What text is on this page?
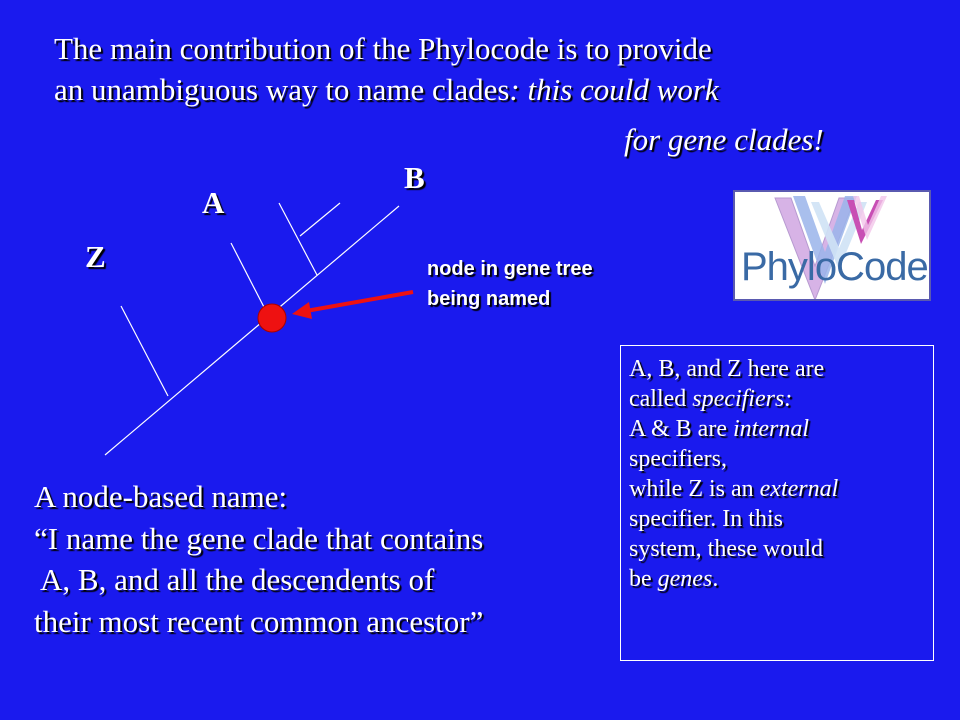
The main contribution of the Phylocode is to provide
an unambiguous way to name clades: this could work
for gene clades!
B
A
Z	node in gene tree
being named
PhyloCode

A, B, and Z here are

called specifiers:

A & B are internal

specifiers,

while Z is an external

specifier. In this

system, these would

be genes.

A node-based name:
“I name the gene clade that contains
A, B, and all the descendents of
their most recent common ancestor”
